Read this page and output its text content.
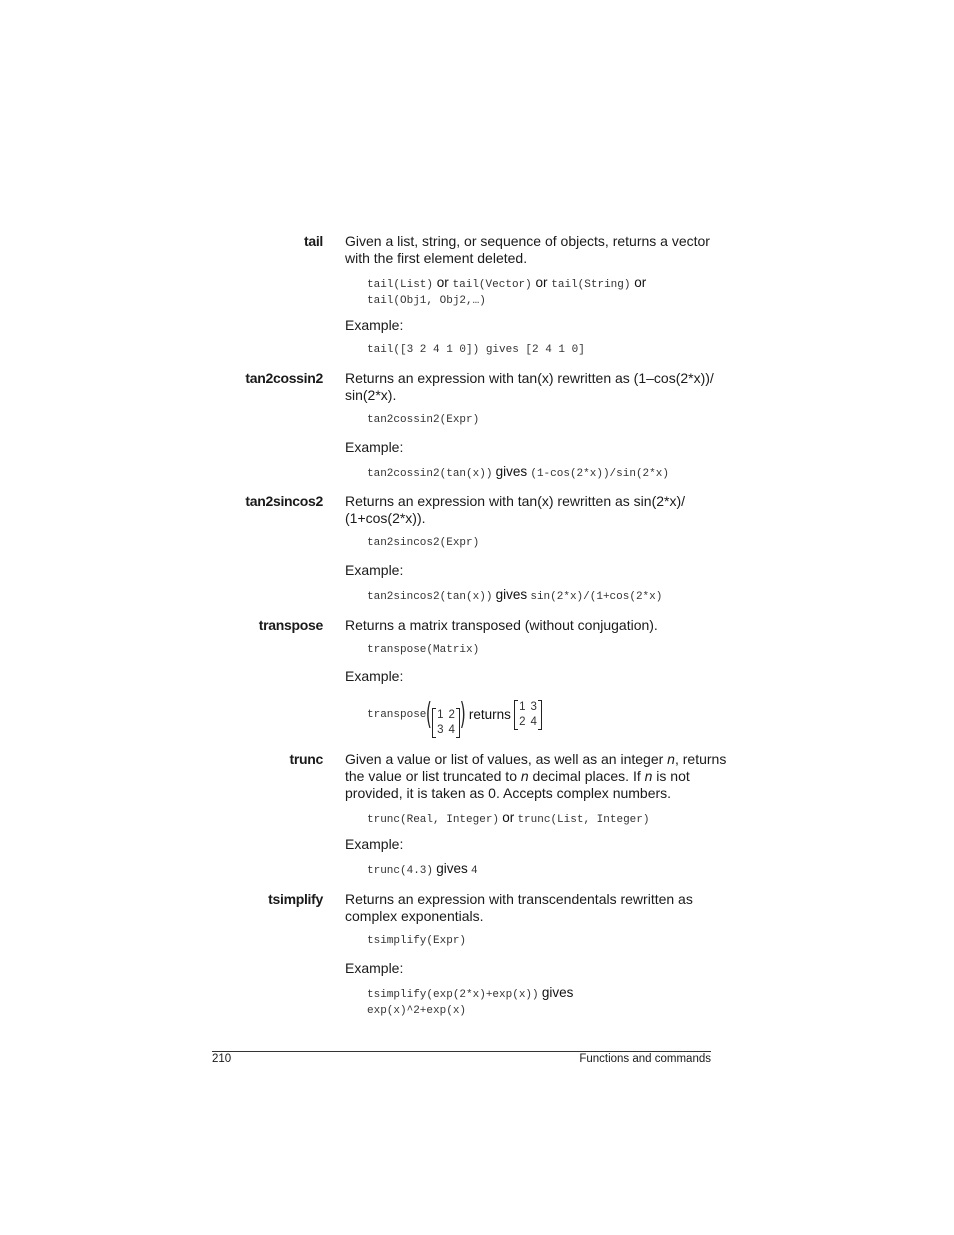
tail Given a list, string, or sequence of objects, returns a vector
with the first element deleted.
tail(List) or tail(Vector) or tail(String) or
tail(Obj1, Obj2,…)
Example:
tail([3 2 4 1 0]) gives [2 4 1 0]
tan2cossin2 Returns an expression with tan(x) rewritten as (1–cos(2*x))/
sin(2*x).
tan2cossin2(Expr)
Example:
tan2cossin2(tan(x)) gives (1-cos(2*x))/sin(2*x)
tan2sincos2 Returns an expression with tan(x) rewritten as sin(2*x)/
(1+cos(2*x)).
tan2sincos2(Expr)
Example:
tan2sincos2(tan(x)) gives sin(2*x)/(1+cos(2*x)
transpose Returns a matrix transposed (without conjugation).
transpose(Matrix)
Example:
transpose( 1 2
3 4 ) returns 1 3
2 4
trunc Given a value or list of values, as well as an integer n, returns
the value or list truncated to n decimal places. If n is not
provided, it is taken as 0. Accepts complex numbers.
trunc(Real, Integer) or trunc(List, Integer)
Example:
trunc(4.3) gives 4
tsimplify Returns an expression with transcendentals rewritten as
complex exponentials.
tsimplify(Expr)
Example:
tsimplify(exp(2*x)+exp(x)) gives
exp(x)^2+exp(x)
210	Functions and commands
